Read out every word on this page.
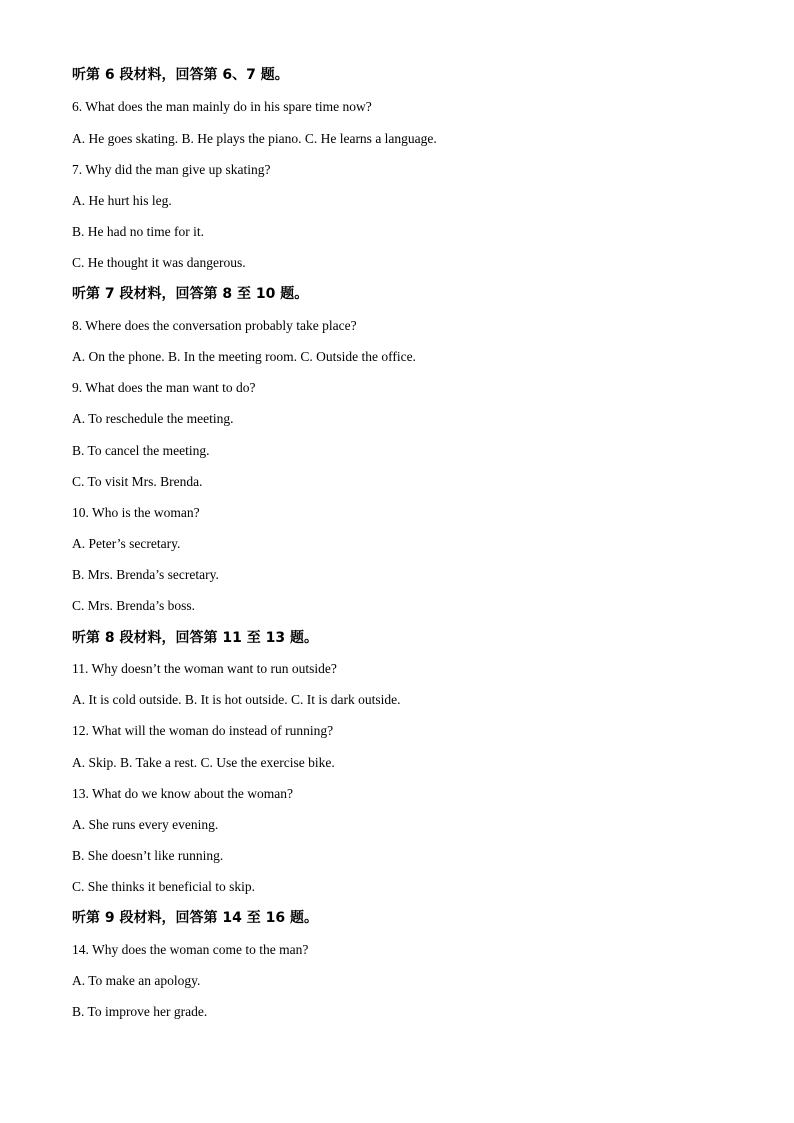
听第 6 段材料，回答第 6、7 题。
6. What does the man mainly do in his spare time now?
A. He goes skating. B. He plays the piano. C. He learns a language.
7. Why did the man give up skating?
A. He hurt his leg.
B. He had no time for it.
C. He thought it was dangerous.
听第 7 段材料，回答第 8 至 10 题。
8. Where does the conversation probably take place?
A. On the phone. B. In the meeting room. C. Outside the office.
9. What does the man want to do?
A. To reschedule the meeting.
B. To cancel the meeting.
C. To visit Mrs. Brenda.
10. Who is the woman?
A. Peter’s secretary.
B. Mrs. Brenda’s secretary.
C. Mrs. Brenda’s boss.
听第 8 段材料，回答第 11 至 13 题。
11. Why doesn’t the woman want to run outside?
A. It is cold outside. B. It is hot outside. C. It is dark outside.
12. What will the woman do instead of running?
A. Skip. B. Take a rest. C. Use the exercise bike.
13. What do we know about the woman?
A. She runs every evening.
B. She doesn’t like running.
C. She thinks it beneficial to skip.
听第 9 段材料，回答第 14 至 16 题。
14. Why does the woman come to the man?
A. To make an apology.
B. To improve her grade.
